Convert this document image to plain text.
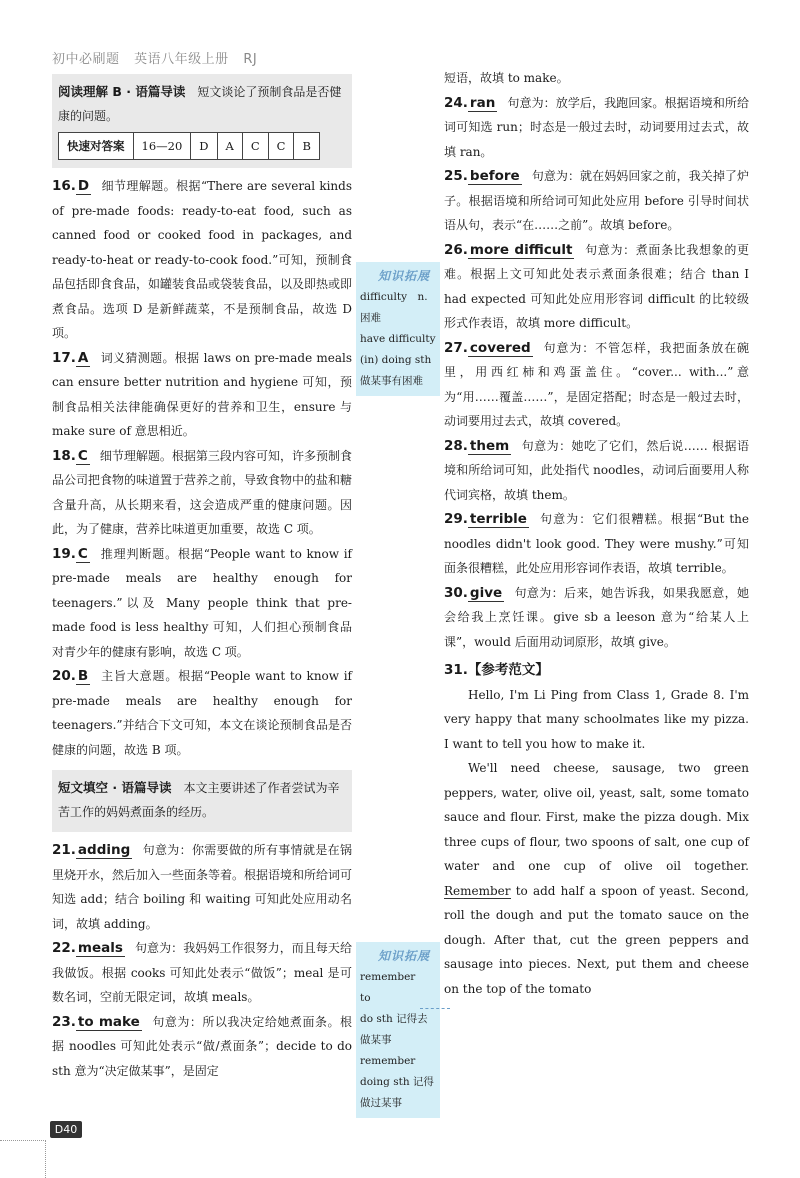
初中必刷题 英语八年级上册 RJ
阅读理解 B · 语篇导读　 短文谈论了预制食品是否健康的问题。
快速对答案	16—20	D	A	C	C	B
16. D 细节理解题。根据“There are several kinds of pre-made foods: ready-to-eat food, such as canned food or cooked food in packages, and ready-to-heat or ready-to-cook food.”可知，预制食品包括即食食品，如罐装食品或袋装食品，以及即热或即煮食品。选项 D 是新鲜蔬菜，不是预制食品，故选 D 项。
17. A 词义猜测题。根据 laws on pre-made meals can ensure better nutrition and hygiene 可知，预制食品相关法律能确保更好的营养和卫生，ensure 与 make sure of 意思相近。
18. C 细节理解题。根据第三段内容可知，许多预制食品公司把食物的味道置于营养之前，导致食物中的盐和糖含量升高，从长期来看，这会造成严重的健康问题。因此，为了健康，营养比味道更加重要，故选 C 项。
19. C 推理判断题。根据“People want to know if pre-made meals are healthy enough for teenagers.”以及 Many people think that pre-made food is less healthy 可知，人们担心预制食品对青少年的健康有影响，故选 C 项。
20. B 主旨大意题。根据“People want to know if pre-made meals are healthy enough for teenagers.”并结合下文可知，本文在谈论预制食品是否健康的问题，故选 B 项。
短文填空 · 语篇导读　 本文主要讲述了作者尝试为辛苦工作的妈妈煮面条的经历。
21. adding 句意为：你需要做的所有事情就是在锅里烧开水，然后加入一些面条等着。根据语境和所给词可知选 add；结合 boiling 和 waiting 可知此处应用动名词，故填 adding。
22. meals 句意为：我妈妈工作很努力，而且每天给我做饭。根据 cooks 可知此处表示“做饭”；meal 是可数名词，空前无限定词，故填 meals。
23. to make 句意为：所以我决定给她煮面条。根据 noodles 可知此处表示“做/煮面条”；decide to do sth 意为“决定做某事”，是固定
知识拓展
difficulty　n.
困难
have difficulty
(in) doing sth
做某事有困难
知识拓展
remember　to
do sth 记得去
做某事
remember
doing sth 记得
做过某事
短语，故填 to make。
24. ran 句意为：放学后，我跑回家。根据语境和所给词可知选 run；时态是一般过去时，动词要用过去式，故填 ran。
25. before 句意为：就在妈妈回家之前，我关掉了炉子。根据语境和所给词可知此处应用 before 引导时间状语从句，表示“在……之前”。故填 before。
26. more difficult 句意为：煮面条比我想象的更难。根据上文可知此处表示煮面条很难；结合 than I had expected 可知此处应用形容词 difficult 的比较级形式作表语，故填 more difficult。
27. covered 句意为：不管怎样，我把面条放在碗里，用西红柿和鸡蛋盖住。“cover... with...”意为“用……覆盖……”，是固定搭配；时态是一般过去时，动词要用过去式，故填 covered。
28. them 句意为：她吃了它们，然后说…… 根据语境和所给词可知，此处指代 noodles，动词后面要用人称代词宾格，故填 them。
29. terrible 句意为：它们很糟糕。根据“But the noodles didn't look good. They were mushy.”可知面条很糟糕，此处应用形容词作表语，故填 terrible。
30. give 句意为：后来，她告诉我，如果我愿意，她会给我上烹饪课。give sb a leeson 意为“给某人上课”，would 后面用动词原形，故填 give。
31.【参考范文】

Hello, I'm Li Ping from Class 1, Grade 8. I'm very happy that many schoolmates like my pizza. I want to tell you how to make it.

We'll need cheese, sausage, two green peppers, water, olive oil, yeast, salt, some tomato sauce and flour. First, make the pizza dough. Mix three cups of flour, two spoons of salt, one cup of water and one cup of olive oil together. Remember to add half a spoon of yeast. Second, roll the dough and put the tomato sauce on the dough. After that, cut the green peppers and sausage into pieces. Next, put them and cheese on the top of the tomato

D40
